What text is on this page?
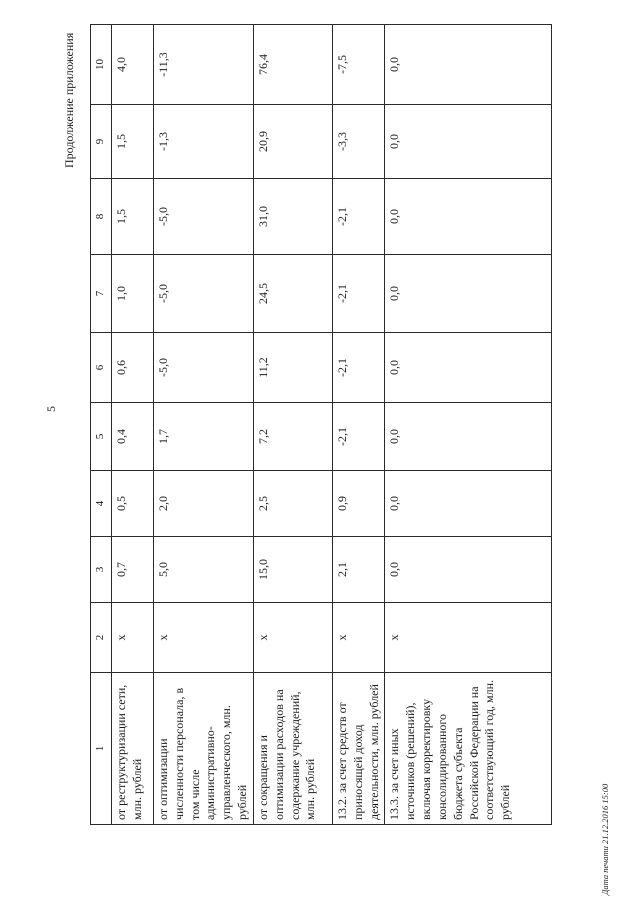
5
Продолжение приложения
1	2	3	4	5	6	7	8	9	10
от реструктуризации сети, млн. рублей	х	0,7	0,5	0,4	0,6	1,0	1,5	1,5	4,0
от оптимизации численности персонала, в том числе административно-управленческого, млн. рублей	х	5,0	2,0	1,7	-5,0	-5,0	-5,0	-1,3	-11,3
от сокращения и оптимизации расходов на содержание учреждений, млн. рублей	х	15,0	2,5	7,2	11,2	24,5	31,0	20,9	76,4
13.2. за счет средств от приносящей доход деятельности, млн. рублей	х	2,1	0,9	-2,1	-2,1	-2,1	-2,1	-3,3	-7,5
13.3. за счет иных источников (решений), включая корректировку консолидированного бюджета субъекта Российской Федерации на соответствующий год, млн. рублей	х	0,0	0,0	0,0	0,0	0,0	0,0	0,0	0,0
Дата печати 21.12.2016 15:00
